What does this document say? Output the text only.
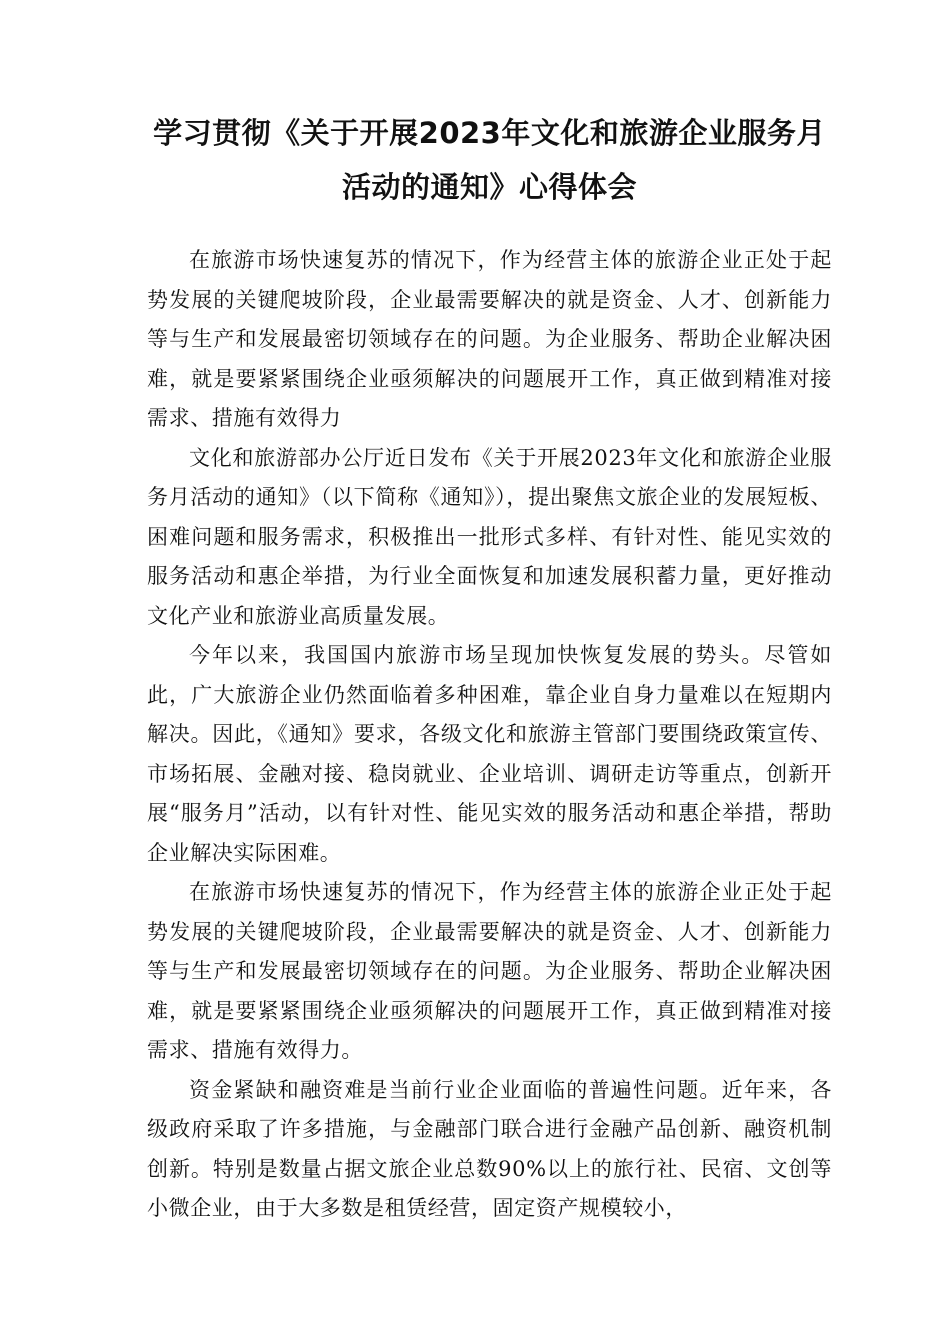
学习贯彻《关于开展2023年文化和旅游企业服务月
活动的通知》心得体会

在旅游市场快速复苏的情况下，作为经营主体的旅游企业正处于起势发展的关键爬坡阶段，企业最需要解决的就是资金、人才、创新能力等与生产和发展最密切领域存在的问题。为企业服务、帮助企业解决困难，就是要紧紧围绕企业亟须解决的问题展开工作，真正做到精准对接需求、措施有效得力

文化和旅游部办公厅近日发布《关于开展2023年文化和旅游企业服务月活动的通知》（以下简称《通知》），提出聚焦文旅企业的发展短板、困难问题和服务需求，积极推出一批形式多样、有针对性、能见实效的服务活动和惠企举措，为行业全面恢复和加速发展积蓄力量，更好推动文化产业和旅游业高质量发展。

今年以来，我国国内旅游市场呈现加快恢复发展的势头。尽管如此，广大旅游企业仍然面临着多种困难，靠企业自身力量难以在短期内解决。因此，《通知》要求，各级文化和旅游主管部门要围绕政策宣传、市场拓展、金融对接、稳岗就业、企业培训、调研走访等重点，创新开展“服务月”活动，以有针对性、能见实效的服务活动和惠企举措，帮助企业解决实际困难。

在旅游市场快速复苏的情况下，作为经营主体的旅游企业正处于起势发展的关键爬坡阶段，企业最需要解决的就是资金、人才、创新能力等与生产和发展最密切领域存在的问题。为企业服务、帮助企业解决困难，就是要紧紧围绕企业亟须解决的问题展开工作，真正做到精准对接需求、措施有效得力。

资金紧缺和融资难是当前行业企业面临的普遍性问题。近年来，各级政府采取了许多措施，与金融部门联合进行金融产品创新、融资机制创新。特别是数量占据文旅企业总数90%以上的旅行社、民宿、文创等小微企业，由于大多数是租赁经营，固定资产规模较小，
